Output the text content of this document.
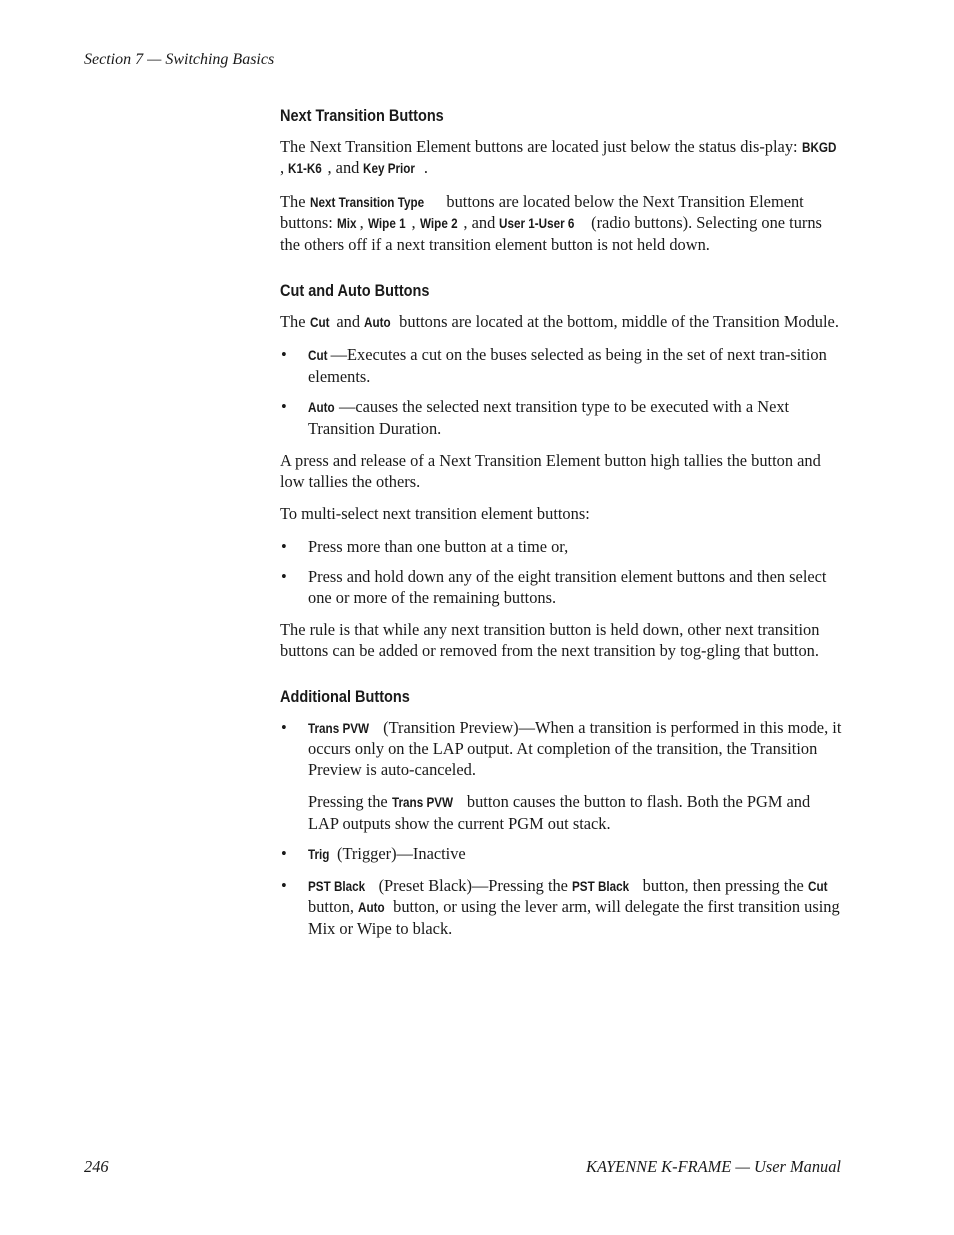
Section 7 — Switching Basics
Next Transition Buttons

The Next Transition Element buttons are located just below the status dis-play: BKGD, K1-K6 , and Key Prior .

The Next Transition Type buttons are located below the Next Transition Element buttons: Mix , Wipe 1 , Wipe 2 , and User 1-User 6 (radio buttons). Selecting one turns the others off if a next transition element button is not held down.

Cut and Auto Buttons

The Cut and Auto buttons are located at the bottom, middle of the Transition Module.

• Cut —Executes a cut on the buses selected as being in the set of next tran-sition elements.
• Auto —causes the selected next transition type to be executed with a Next Transition Duration.

A press and release of a Next Transition Element button high tallies the button and low tallies the others.

To multi-select next transition element buttons:

• Press more than one button at a time or,
• Press and hold down any of the eight transition element buttons and then select one or more of the remaining buttons.

The rule is that while any next transition button is held down, other next transition buttons can be added or removed from the next transition by tog-gling that button.

Additional Buttons
• Trans PVW (Transition Preview)—When a transition is performed in this mode, it occurs only on the LAP output. At completion of the transition, the Transition Preview is auto-canceled.

Pressing the Trans PVW button causes the button to flash. Both the PGM and LAP outputs show the current PGM out stack.

• Trig (Trigger)—Inactive
• PST Black (Preset Black)—Pressing the PST Black button, then pressing the Cut button, Auto button, or using the lever arm, will delegate the first transition using Mix or Wipe to black.
246	KAYENNE K-FRAME — User Manual
